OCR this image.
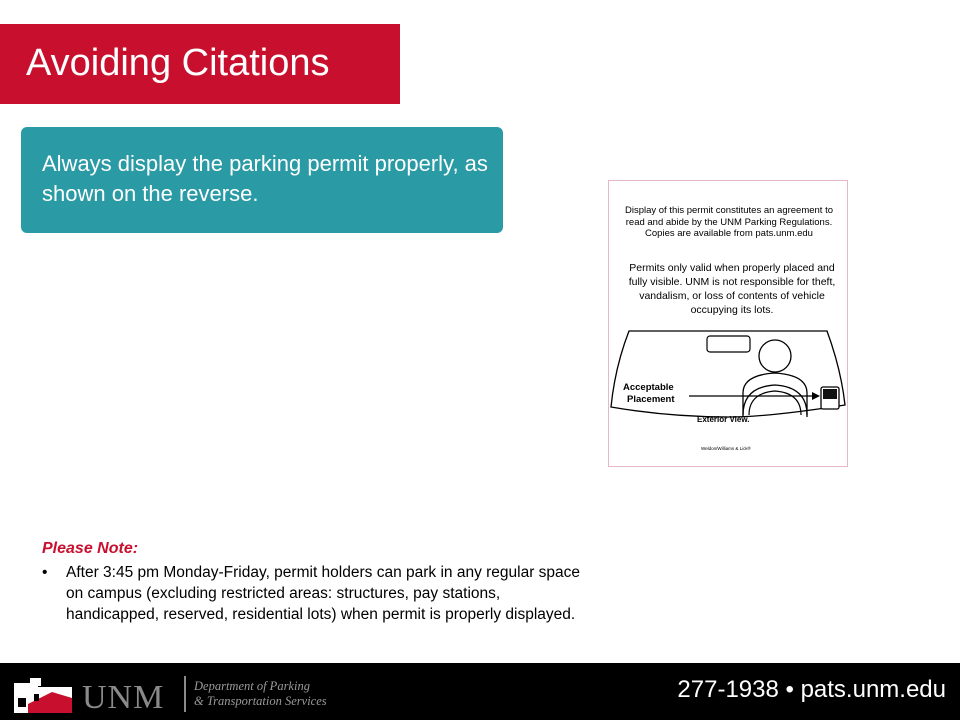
Avoiding Citations
Always display the parking permit properly, as shown on the reverse.
Display of this permit constitutes an agreement to read and abide by the UNM Parking Regulations. Copies are available from pats.unm.edu
Permits only valid when properly placed and fully visible. UNM is not responsible for theft, vandalism, or loss of contents of vehicle occupying its lots.
Acceptable
Placement
Exterior View.
Weldon/Williams & Lick®
Please Note:
• After 3:45 pm Monday-Friday, permit holders can park in any regular space on campus (excluding restricted areas: structures, pay stations, handicapped, reserved, residential lots) when permit is properly displayed.
UNM Department of Parking
& Transportation Services	277-1938 • pats.unm.edu
